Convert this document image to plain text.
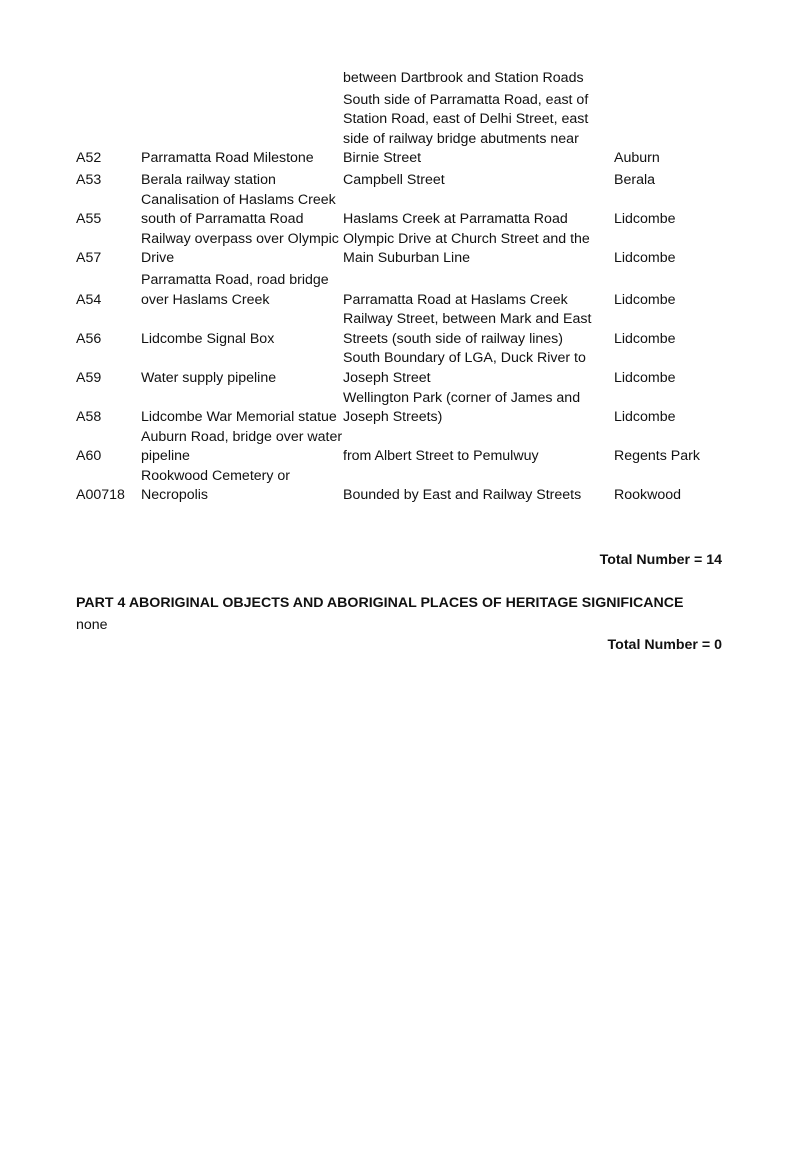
		between Dartbrook and Station Roads	

A52	Parramatta Road Milestone	South side of Parramatta Road, east of Station Road, east of Delhi Street, east side of railway bridge abutments near Birnie Street	Auburn

A53	Berala railway station	Campbell Street	Berala
A55	Canalisation of Haslams Creek south of Parramatta Road	Haslams Creek at Parramatta Road	Lidcombe
A57	Railway overpass over Olympic Drive	Olympic Drive at Church Street and the Main Suburban Line	Lidcombe

A54	Parramatta Road, road bridge over Haslams Creek	Parramatta Road at Haslams Creek	Lidcombe
A56	Lidcombe Signal Box	Railway Street, between Mark and East Streets (south side of railway lines)	Lidcombe
A59	Water supply pipeline	South Boundary of LGA, Duck River to Joseph Street	Lidcombe
A58	Lidcombe War Memorial statue	Wellington Park (corner of James and Joseph Streets)	Lidcombe
A60	Auburn Road, bridge over water pipeline	from Albert Street to Pemulwuy	Regents Park
A00718	Rookwood Cemetery or Necropolis	Bounded by East and Railway Streets	Rookwood
Total Number = 14
PART 4 ABORIGINAL OBJECTS AND ABORIGINAL PLACES OF HERITAGE SIGNIFICANCE
none
Total Number = 0
